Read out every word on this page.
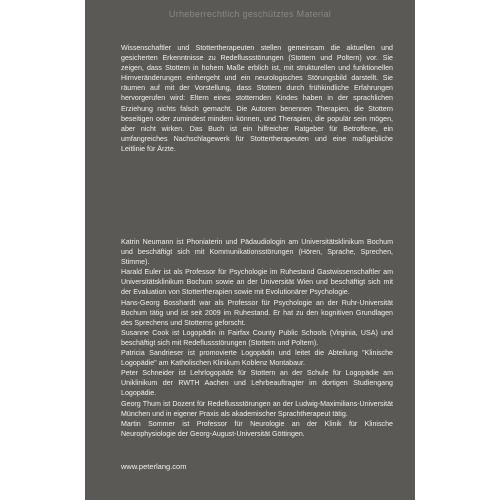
Urheberrechtlich geschütztes Material
Wissenschaftler und Stottertherapeuten stellen gemeinsam die aktuellen und gesicherten Erkenntnisse zu Redeflussstörungen (Stottern und Poltern) vor. Sie zeigen, dass Stottern in hohem Maße erblich ist, mit strukturellen und funktionellen Hirnveränderungen einhergeht und ein neurologisches Störungsbild darstellt. Sie räumen auf mit der Vorstellung, dass Stottern durch frühkindliche Erfahrungen hervorgerufen wird: Eltern eines stotternden Kindes haben in der sprachlichen Erziehung nichts falsch gemacht. Die Autoren benennen Therapien, die Stottern beseitigen oder zumindest mindern können, und Therapien, die populär sein mögen, aber nicht wirken. Das Buch ist ein hilfreicher Ratgeber für Betroffene, ein umfangreiches Nachschlagewerk für Stottertherapeuten und eine maßgebliche Leitlinie für Ärzte.

Katrin Neumann ist Phoniaterin und Pädaudiologin am Universitätsklinikum Bochum und beschäftigt sich mit Kommunikationsstörungen (Hören, Sprache, Sprechen, Stimme).

Harald Euler ist als Professor für Psychologie im Ruhestand Gastwissenschaftler am Universitätsklinikum Bochum sowie an der Universität Wien und beschäftigt sich mit der Evaluation von Stottertherapien sowie mit Evolutionärer Psychologie.

Hans-Georg Bosshardt war als Professor für Psychologie an der Ruhr-Universität Bochum tätig und ist seit 2009 im Ruhestand. Er hat zu den kognitiven Grundlagen des Sprechens und Stotterns geforscht.

Susanne Cook ist Logopädin in Fairfax County Public Schools (Virginia, USA) und beschäftigt sich mit Redeflussstörungen (Stottern und Poltern).

Patricia Sandrieser ist promovierte Logopädin und leitet die Abteilung "Klinische Logopädie" am Katholischen Klinikum Koblenz Montabaur.

Peter Schneider ist Lehrlogopäde für Stottern an der Schule für Logopädie am Uniklinikum der RWTH Aachen und Lehrbeauftragter im dortigen Studiengang Logopädie.

Georg Thum ist Dozent für Redeflussstörungen an der Ludwig-Maximilians-Universität München und in eigener Praxis als akademischer Sprachtherapeut tätig.

Martin Sommer ist Professor für Neurologie an der Klinik für Klinische Neurophysiologie der Georg-August-Universität Göttingen.

www.peterlang.com
